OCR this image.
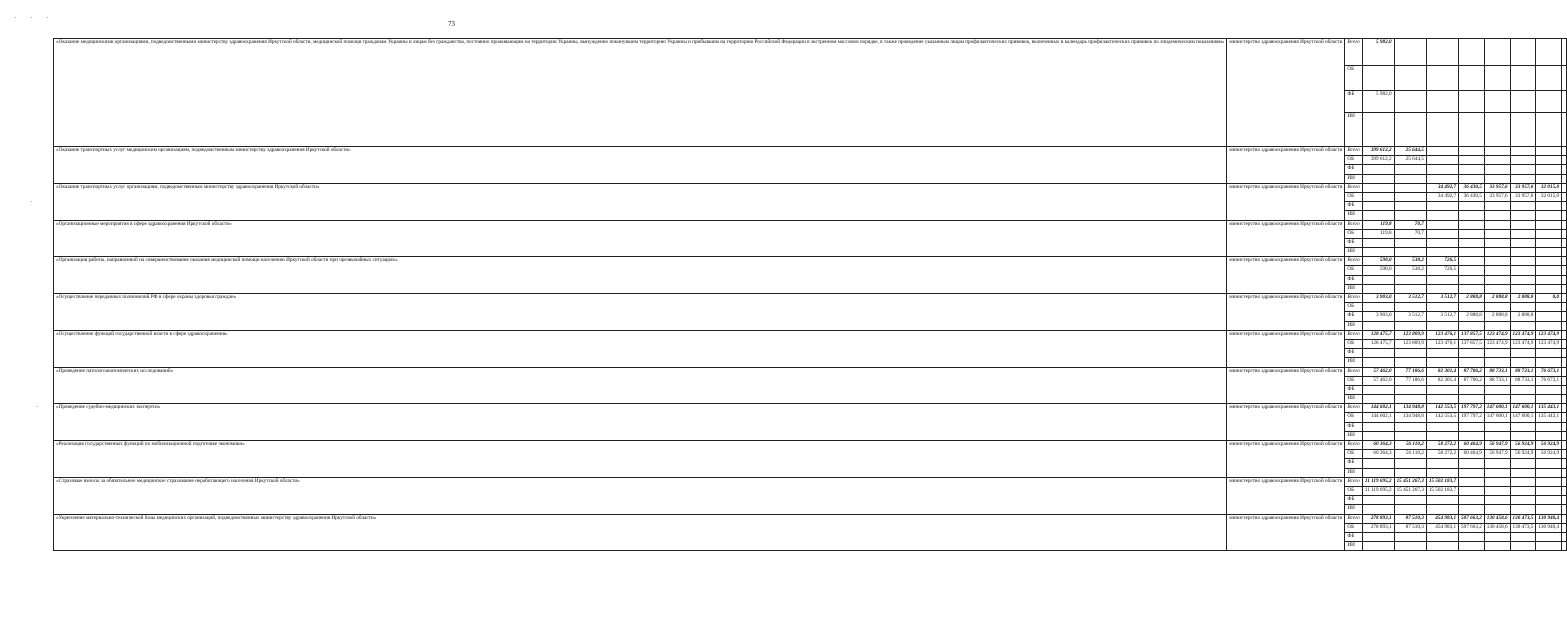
· · ·
73
·
·
«Оказание медицинскими организациями, подведомственными министерству здравоохранения Иркутской области, медицинской помощи гражданам Украины и лицам без гражданства, постоянно проживающим на территории Украины, вынужденно покинувшим территорию Украины и прибывшим на территорию Российской Федерации в экстренном массовом порядке, в также проведение указанным лицам профилактических прививок, включенных в календарь профилактических прививок по эпидемическим показаниям»	министерство здравоохранения Иркутской области	Всего	5 982,0							
		ОБ								
		ФБ	5 982,0							
		ИИ								
«Оказание транспортных услуг медицинским организациям, подведомственным министерству здравоохранения Иркутской области»	министерство здравоохранения Иркутской области	Всего	399 612,2	25 644,5						
		ОБ	399 612,2	25 644,5						
		ФБ								
		ИИ								
«Оказание транспортных услуг организациям, подведомственным министерству здравоохранения Иркутской области»	министерство здравоохранения Иркутской области	Всего			34 492,7	36 430,5	33 957,6	33 957,6	32 015,0	
		ОБ			34 492,7	36 430,5	33 957,6	33 957,6	32 015,0	
		ФБ								
		ИИ								
«Организационные мероприятия в сфере здравоохранения Иркутской области»	министерство здравоохранения Иркутской области	Всего	119,8	70,7						
		ОБ	119,8	70,7						
		ФБ								
		ИИ								
«Организация работы, направленной на совершенствование оказания медицинской помощи населению Иркутской области при чрезвычайных ситуациях»	министерство здравоохранения Иркутской области	Всего	598,0	538,2	726,5					
		ОБ	598,0	538,2	726,5					
		ФБ								
		ИИ								
«Осуществление переданных полномочий РФ в сфере охраны здоровья граждан»	министерство здравоохранения Иркутской области	Всего	3 903,0	3 512,7	3 512,7	2 888,8	2 888,8	2 888,8	0,0	
		ОБ								
		ФБ	3 903,0	3 512,7	3 512,7	2 888,8	2 888,8	2 888,8		
		ИИ								
«Осуществление функций государственной власти в сфере здравоохранения»	министерство здравоохранения Иркутской области	Всего	128 475,7	123 809,9	123 476,1	137 857,5	123 474,9	123 474,9	123 474,9	
		ОБ	128 475,7	123 809,9	123 476,1	137 857,5	123 474,9	123 474,9	123 474,9	
		ФБ								
		ИИ								
«Проведение патологоанатомических исследований»	министерство здравоохранения Иркутской области	Всего	57 462,0	77 186,6	82 301,4	87 706,2	88 733,1	88 733,1	76 673,1	
		ОБ	57 462,0	77 186,6	82 301,4	87 706,2	88 733,1	88 733,1	76 673,1	
		ФБ								
		ИИ								
«Проведение судебно-медицинских экспертиз»	министерство здравоохранения Иркутской области	Всего	144 602,1	134 948,8	142 553,5	197 797,2	147 600,1	147 600,1	135 443,1	
		ОБ	144 602,1	134 948,8	142 553,5	197 797,2	147 600,1	147 600,1	135 443,1	
		ФБ								
		ИИ								
«Реализация государственных функций по мобилизационной подготовке экономики»	министерство здравоохранения Иркутской области	Всего	60 364,3	56 110,2	58 272,2	60 464,9	56 947,9	56 924,9	56 924,9	
		ОБ	60 364,3	56 110,2	58 272,2	60 464,9	56 947,9	56 924,9	56 924,9	
		ФБ								
		ИИ								
«Страховые взносы за обязательное медицинское страхование неработающего населения Иркутской области»	министерство здравоохранения Иркутской области	Всего	11 119 695,2	15 451 267,3	15 502 183,7					
		ОБ	11 119 695,2	15 451 267,3	15 502 183,7					
		ФБ								
		ИИ								
«Укрепление материально-технической базы медицинских организаций, подведомственных министерству здравоохранения Иркутской области»	министерство здравоохранения Иркутской области	Всего	278 893,1	87 510,3	454 983,1	507 663,2	130 458,6	130 473,5	130 940,4	
		ОБ	278 893,1	87 510,3	454 983,1	507 663,2	130 458,6	130 473,5	130 940,4	
		ФБ								
		ИИ								
